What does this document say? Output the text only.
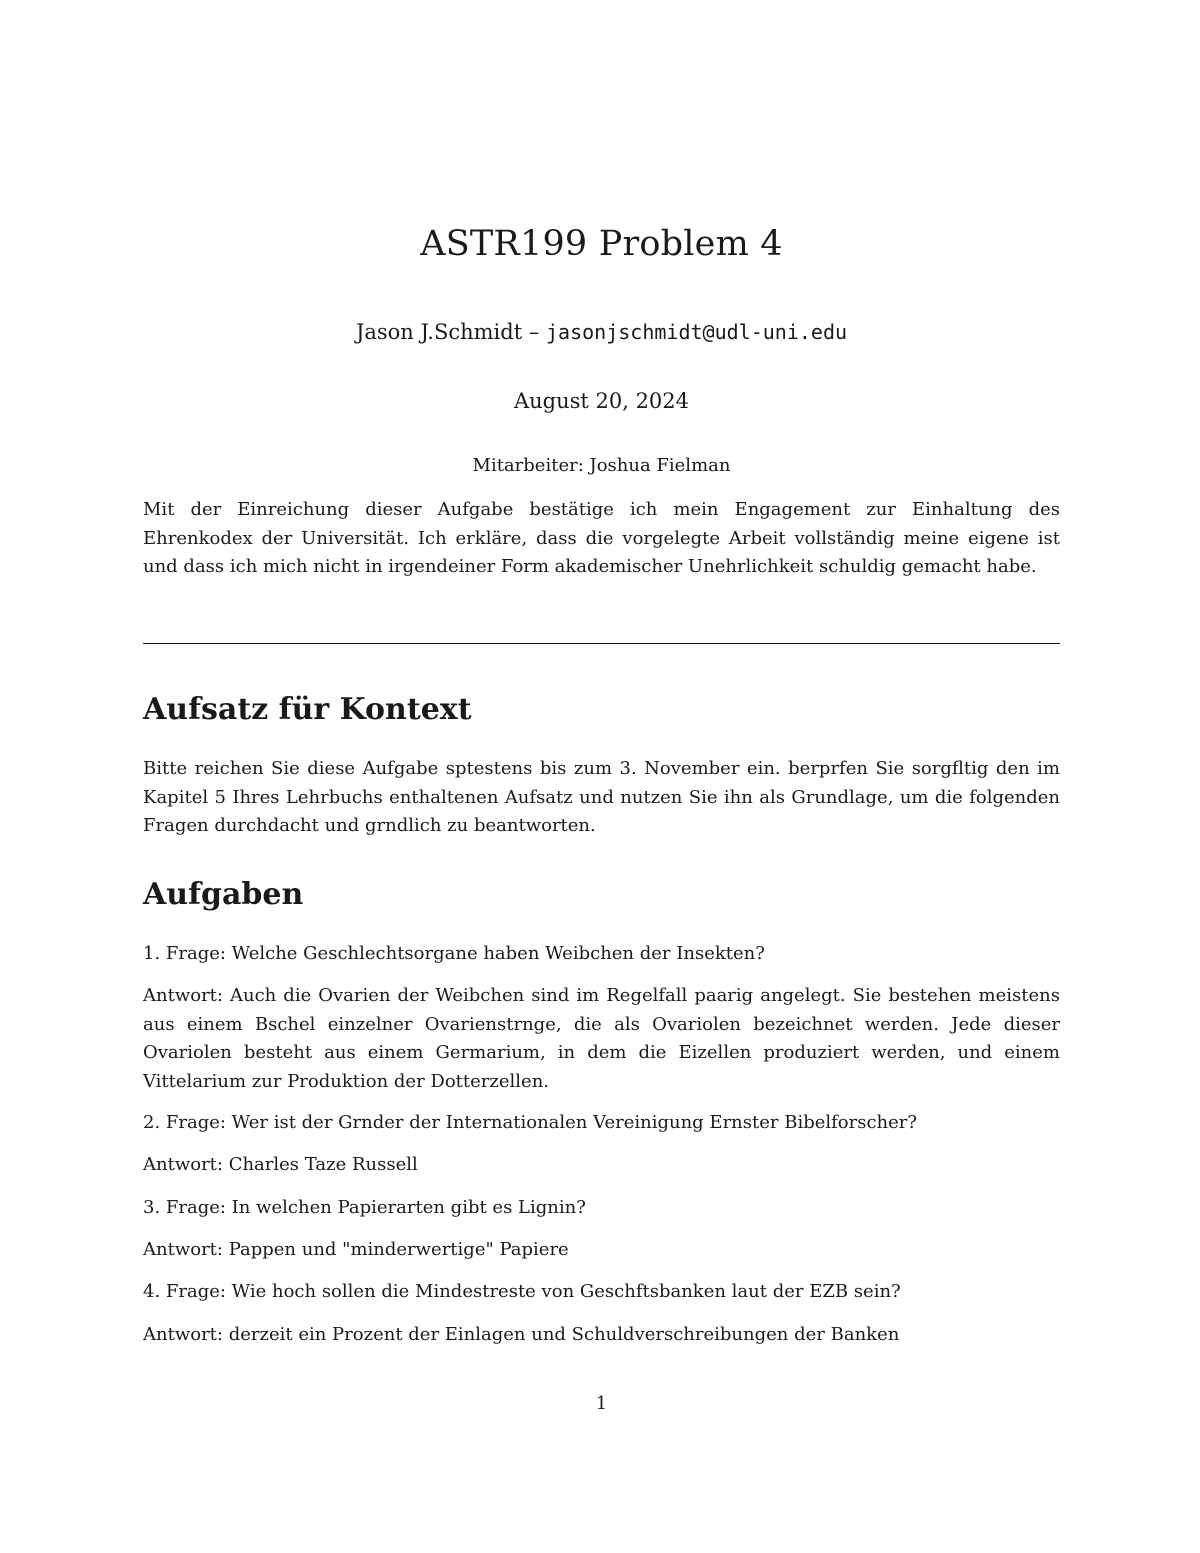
ASTR199 Problem 4
Jason J.Schmidt – jasonjschmidt@udl-uni.edu
August 20, 2024
Mitarbeiter: Joshua Fielman

Mit der Einreichung dieser Aufgabe bestätige ich mein Engagement zur Einhaltung des Ehrenkodex der Universität. Ich erkläre, dass die vorgelegte Arbeit vollständig meine eigene ist und dass ich mich nicht in irgendeiner Form akademischer Unehrlichkeit schuldig gemacht habe.

Aufsatz für Kontext

Bitte reichen Sie diese Aufgabe sptestens bis zum 3. November ein. berprfen Sie sorgfltig den im Kapitel 5 Ihres Lehrbuchs enthaltenen Aufsatz und nutzen Sie ihn als Grundlage, um die folgenden Fragen durchdacht und grndlich zu beantworten.

Aufgaben

1. Frage: Welche Geschlechtsorgane haben Weibchen der Insekten?

Antwort: Auch die Ovarien der Weibchen sind im Regelfall paarig angelegt. Sie bestehen meistens aus einem Bschel einzelner Ovarienstrnge, die als Ovariolen bezeichnet werden. Jede dieser Ovariolen besteht aus einem Germarium, in dem die Eizellen produziert werden, und einem Vittelarium zur Produktion der Dotterzellen.

2. Frage: Wer ist der Grnder der Internationalen Vereinigung Ernster Bibelforscher?

Antwort: Charles Taze Russell

3. Frage: In welchen Papierarten gibt es Lignin?

Antwort: Pappen und "minderwertige" Papiere

4. Frage: Wie hoch sollen die Mindestreste von Geschftsbanken laut der EZB sein?

Antwort: derzeit ein Prozent der Einlagen und Schuldverschreibungen der Banken

1
